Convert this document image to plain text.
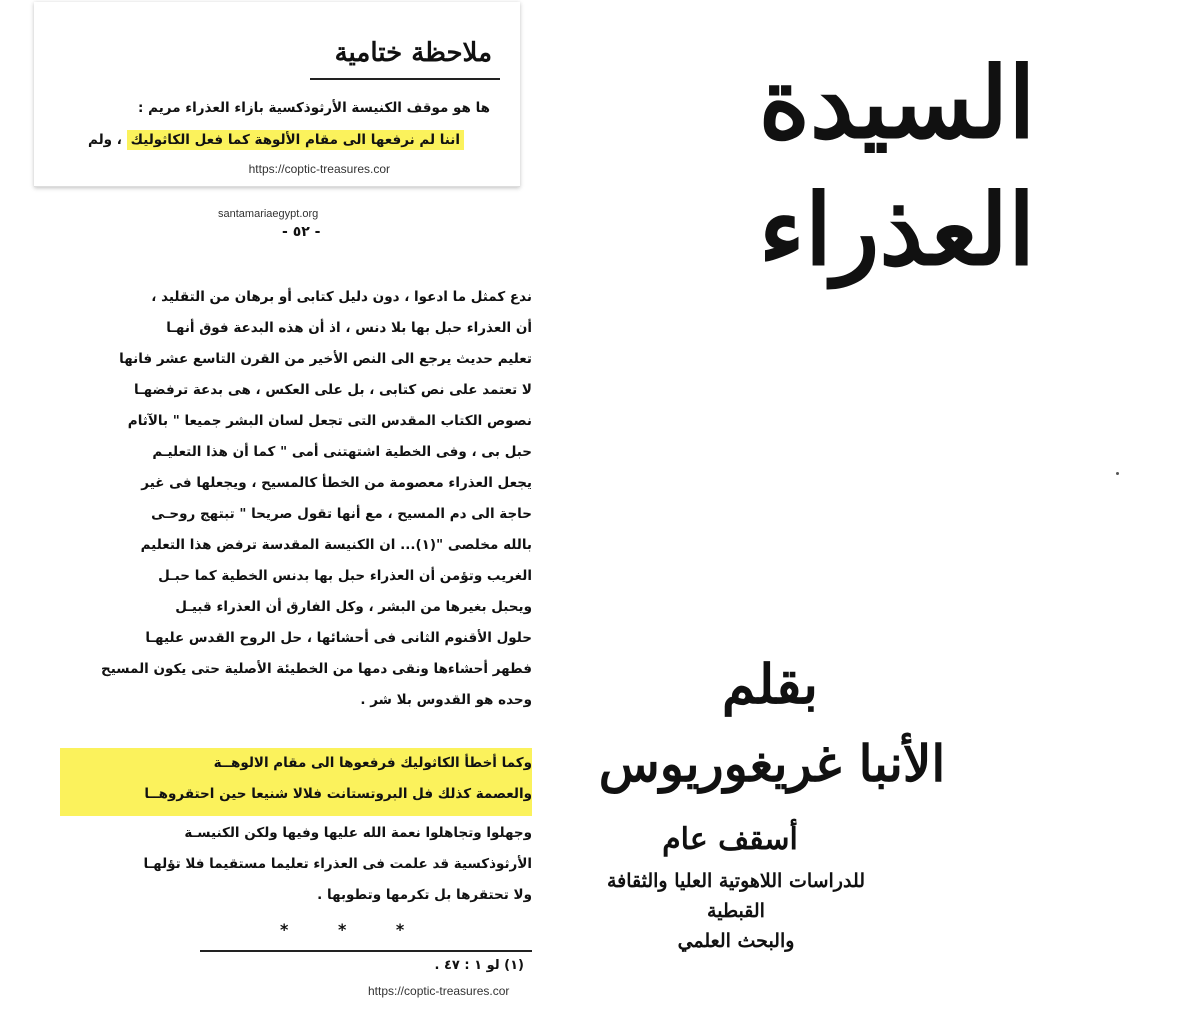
ملاحظة ختامية
ها هو موقف الكنيسة الأرثوذكسية بازاء العذراء مريم :
اننا لم نرفعها الى مقام الألوهة كما فعل الكاثوليك ، ولم
https://coptic-treasures.cor
santamariaegypt.org
- ٥٢ -
ندع كمثل ما ادعوا ، دون دليل كتابى أو برهان من التقليد ،
أن العذراء حبل بها بلا دنس ، اذ أن هذه البدعة فوق أنهـا
تعليم حديث يرجع الى النص الأخير من القرن التاسع عشر فانها
لا تعتمد على نص كتابى ، بل على العكس ، هى بدعة ترفضهـا
نصوص الكتاب المقدس التى تجعل لسان البشر جميعا " بالآثام
حبل بى ، وفى الخطية اشتهتنى أمى " كما أن هذا التعليـم
يجعل العذراء معصومة من الخطأ كالمسيح ، ويجعلها فى غير
حاجة الى دم المسيح ، مع أنها تقول صريحا " تبتهج روحـى
بالله مخلصى "(١)... ان الكنيسة المقدسة ترفض هذا التعليم
الغريب وتؤمن أن العذراء حبل بها بدنس الخطية كما حبـل
ويحبل بغيرها من البشر ، وكل الفارق أن العذراء قبيـل
حلول الأقنوم الثانى فى أحشائها ، حل الروح القدس عليهـا
فطهر أحشاءها ونقى دمها من الخطيئة الأصلية حتى يكون المسيح
وحده هو القدوس بلا شر .
وكما أخطأ الكاثوليك فرفعوها الى مقام الالوهــة
والعصمة كذلك فل البروتستانت فلالا شنيعا حين احتقروهــا
وجهلوا وتجاهلوا نعمة الله عليها وفيها ولكن الكنيسـة
الأرثوذكسية قد علمت فى العذراء تعليما مستقيما فلا تؤلهـا
ولا تحتقرها بل تكرمها وتطوبها .
* * *
(١) لو ١ : ٤٧ .
https://coptic-treasures.cor
السيدة العذراء
بقلم
الأنبا غريغوريوس
أسقف عام
للدراسات اللاهوتية العليا والثقافة القبطية
والبحث العلمي
